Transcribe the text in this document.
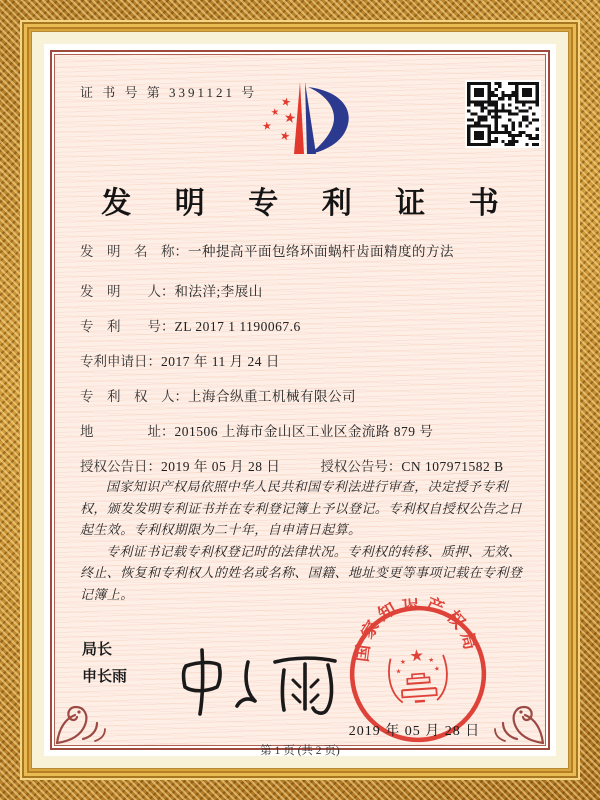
证 书 号 第 3391121 号
发 明 专 利 证 书
发　明　名　称： 一种提高平面包络环面蜗杆齿面精度的方法
发　明　　人： 和法洋;李展山
专　利　　号： ZL 2017 1 1190067.6
专利申请日： 2017 年 11 月 24 日
专　利　权　人： 上海合纵重工机械有限公司
地　　　　址： 201506 上海市金山区工业区金流路 879 号
授权公告日： 2019 年 05 月 28 日	授权公告号： CN 107971582 B

国家知识产权局依照中华人民共和国专利法进行审查，决定授予专利权，颁发发明专利证书并在专利登记簿上予以登记。专利权自授权公告之日起生效。专利权期限为二十年，自申请日起算。

专利证书记载专利权登记时的法律状况。专利权的转移、质押、无效、终止、恢复和专利权人的姓名或名称、国籍、地址变更等事项记载在专利登记簿上。

局长
申长雨
国家知识产权局
2019 年 05 月 28 日
第 1 页 (共 2 页)
